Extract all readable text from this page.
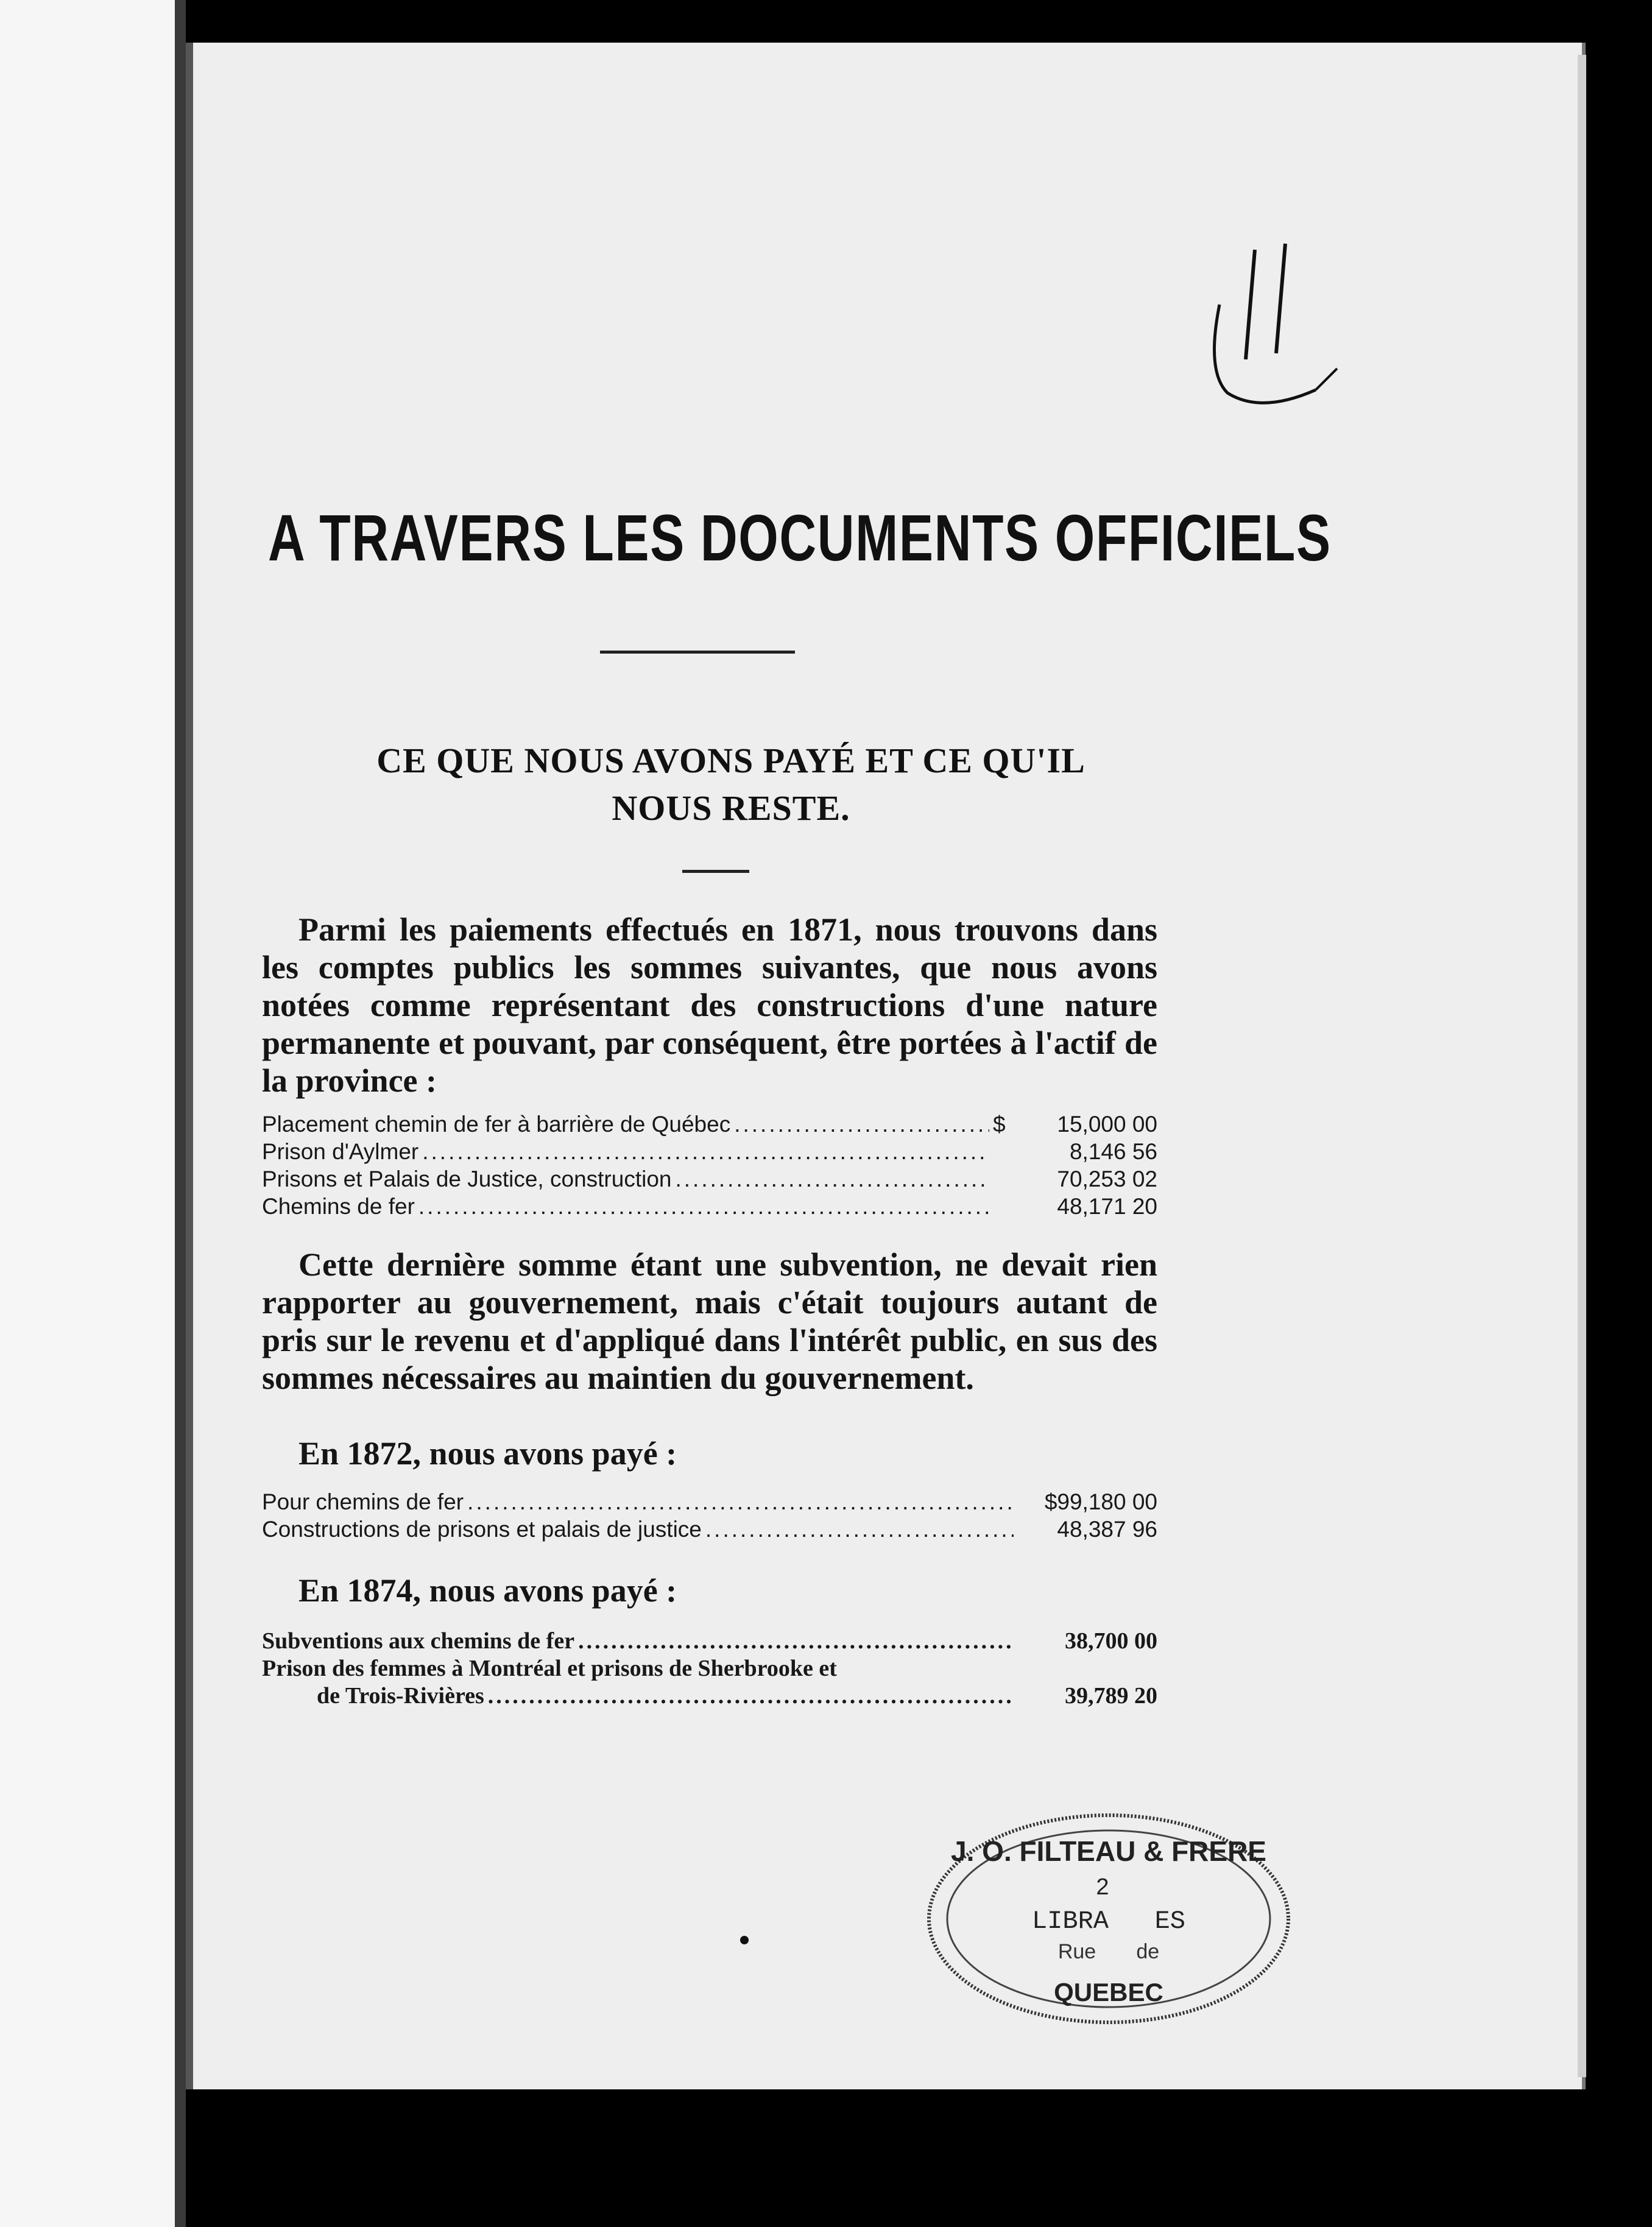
A TRAVERS LES DOCUMENTS OFFICIELS
CE QUE NOUS AVONS PAYÉ ET CE QU'IL
NOUS RESTE.
Parmi les paiements effectués en 1871, nous trouvons dans les comptes publics les sommes suivantes, que nous avons notées comme représentant des constructions d'une nature permanente et pouvant, par conséquent, être portées à l'actif de la province :
Placement chemin de fer à barrière de Québec .....	$	15,000 00
Prison d'Aylmer .....	8,146 56
Prisons et Palais de Justice, construction .....	70,253 02
Chemins de fer .....	48,171 20
Cette dernière somme étant une subvention, ne devait rien rapporter au gouvernement, mais c'était toujours autant de pris sur le revenu et d'appliqué dans l'intérêt public, en sus des sommes nécessaires au maintien du gouvernement.
En 1872, nous avons payé :
Pour chemins de fer .....	$99,180 00
Constructions de prisons et palais de justice .....	48,387 96
En 1874, nous avons payé :
Subventions aux chemins de fer .....	38,700 00
Prison des femmes à Montréal et prisons de Sherbrooke et
de Trois-Rivières .....	39,789 20
J. O. FILTEAU & FRERE
2
LIBRA   ES
Rue       de
QUEBEC
